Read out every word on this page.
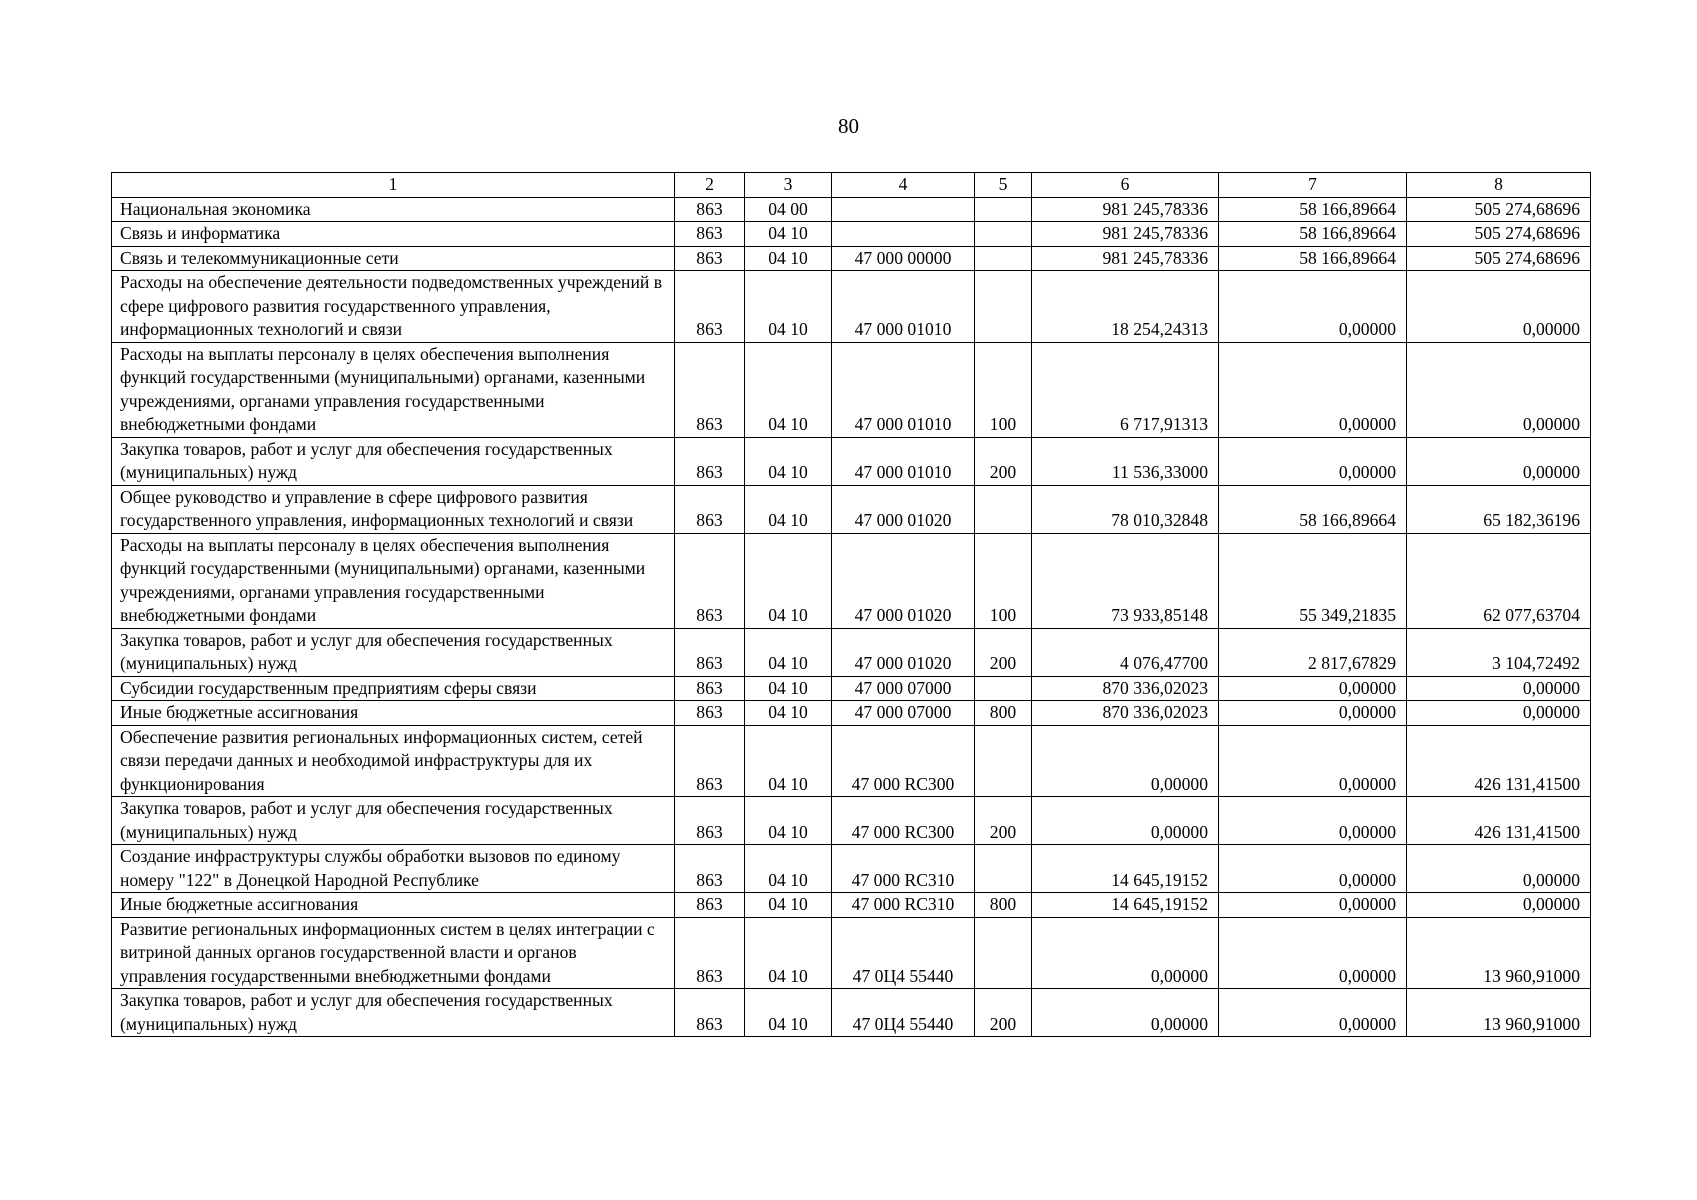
80
1	2	3	4	5	6	7	8
Национальная экономика	863	04 00			981 245,78336	58 166,89664	505 274,68696
Связь и информатика	863	04 10			981 245,78336	58 166,89664	505 274,68696
Связь и телекоммуникационные сети	863	04 10	47 000 00000		981 245,78336	58 166,89664	505 274,68696
Расходы на обеспечение деятельности подведомственных учреждений в сфере цифрового развития государственного управления, информационных технологий и связи	863	04 10	47 000 01010		18 254,24313	0,00000	0,00000
Расходы на выплаты персоналу в целях обеспечения выполнения функций государственными (муниципальными) органами, казенными учреждениями, органами управления государственными внебюджетными фондами	863	04 10	47 000 01010	100	6 717,91313	0,00000	0,00000
Закупка товаров, работ и услуг для обеспечения государственных (муниципальных) нужд	863	04 10	47 000 01010	200	11 536,33000	0,00000	0,00000
Общее руководство и управление в сфере цифрового развития государственного управления, информационных технологий и связи	863	04 10	47 000 01020		78 010,32848	58 166,89664	65 182,36196
Расходы на выплаты персоналу в целях обеспечения выполнения функций государственными (муниципальными) органами, казенными учреждениями, органами управления государственными внебюджетными фондами	863	04 10	47 000 01020	100	73 933,85148	55 349,21835	62 077,63704
Закупка товаров, работ и услуг для обеспечения государственных (муниципальных) нужд	863	04 10	47 000 01020	200	4 076,47700	2 817,67829	3 104,72492
Субсидии государственным предприятиям сферы связи	863	04 10	47 000 07000		870 336,02023	0,00000	0,00000
Иные бюджетные ассигнования	863	04 10	47 000 07000	800	870 336,02023	0,00000	0,00000
Обеспечение развития региональных информационных систем, сетей связи передачи данных и необходимой инфраструктуры для их функционирования	863	04 10	47 000 RC300		0,00000	0,00000	426 131,41500
Закупка товаров, работ и услуг для обеспечения государственных (муниципальных) нужд	863	04 10	47 000 RC300	200	0,00000	0,00000	426 131,41500
Создание инфраструктуры службы обработки вызовов по единому номеру "122" в Донецкой Народной Республике	863	04 10	47 000 RC310		14 645,19152	0,00000	0,00000
Иные бюджетные ассигнования	863	04 10	47 000 RC310	800	14 645,19152	0,00000	0,00000
Развитие региональных информационных систем в целях интеграции с витриной данных органов государственной власти и органов управления государственными внебюджетными фондами	863	04 10	47 0Ц4 55440		0,00000	0,00000	13 960,91000
Закупка товаров, работ и услуг для обеспечения государственных (муниципальных) нужд	863	04 10	47 0Ц4 55440	200	0,00000	0,00000	13 960,91000
